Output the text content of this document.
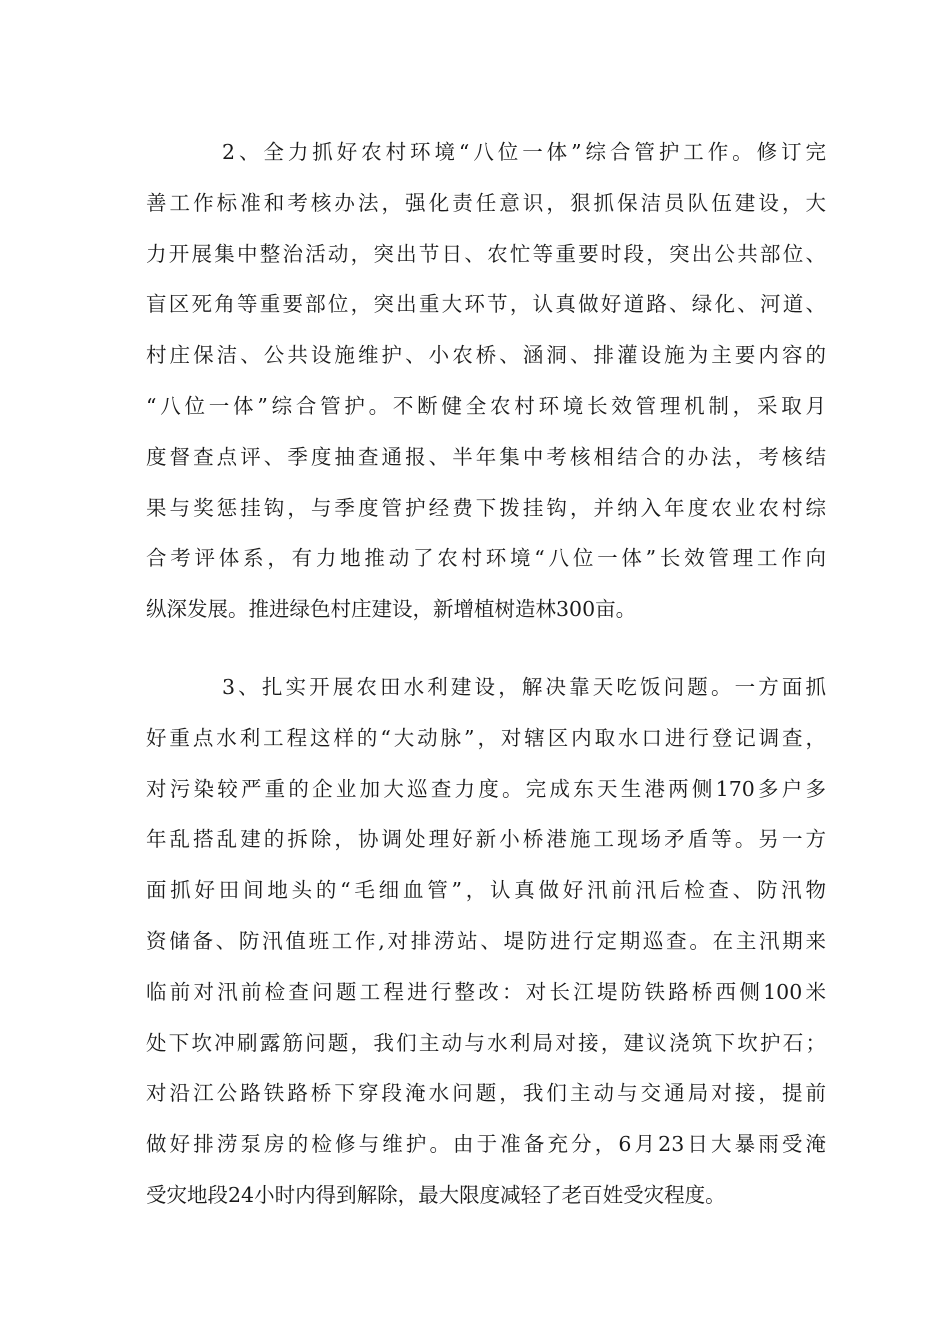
2、全力抓好农村环境“八位一体”综合管护工作。修订完
善工作标准和考核办法，强化责任意识，狠抓保洁员队伍建设，大
力开展集中整治活动，突出节日、农忙等重要时段，突出公共部位、
盲区死角等重要部位，突出重大环节，认真做好道路、绿化、河道、
村庄保洁、公共设施维护、小农桥、涵洞、排灌设施为主要内容的
“八位一体”综合管护。不断健全农村环境长效管理机制，采取月
度督查点评、季度抽查通报、半年集中考核相结合的办法，考核结
果与奖惩挂钩，与季度管护经费下拨挂钩，并纳入年度农业农村综
合考评体系，有力地推动了农村环境“八位一体”长效管理工作向
纵深发展。推进绿色村庄建设，新增植树造林300亩。

3、扎实开展农田水利建设，解决靠天吃饭问题。一方面抓
好重点水利工程这样的“大动脉”，对辖区内取水口进行登记调查，
对污染较严重的企业加大巡查力度。完成东天生港两侧170多户多
年乱搭乱建的拆除，协调处理好新小桥港施工现场矛盾等。另一方
面抓好田间地头的“毛细血管”，认真做好汛前汛后检查、防汛物
资储备、防汛值班工作,对排涝站、堤防进行定期巡查。在主汛期来
临前对汛前检查问题工程进行整改：对长江堤防铁路桥西侧100米
处下坎冲刷露筋问题，我们主动与水利局对接，建议浇筑下坎护石；
对沿江公路铁路桥下穿段淹水问题，我们主动与交通局对接，提前
做好排涝泵房的检修与维护。由于准备充分，6月23日大暴雨受淹
受灾地段24小时内得到解除，最大限度减轻了老百姓受灾程度。
